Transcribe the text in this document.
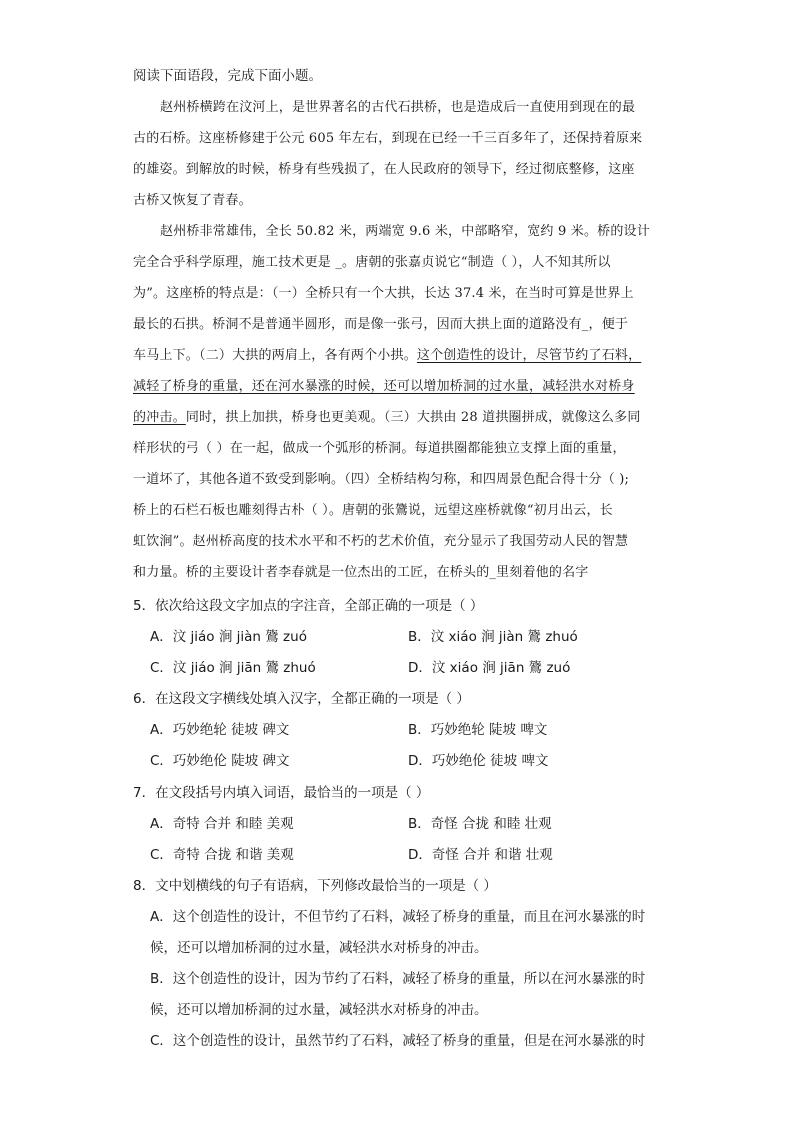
阅读下面语段，完成下面小题。
赵州桥横跨在汶河上，是世界著名的古代石拱桥，也是造成后一直使用到现在的最
古的石桥。这座桥修建于公元 605 年左右，到现在已经一千三百多年了，还保持着原来
的雄姿。到解放的时候，桥身有些残损了，在人民政府的领导下，经过彻底整修，这座
古桥又恢复了青春。
赵州桥非常雄伟，全长 50.82 米，两端宽 9.6 米，中部略窄，宽约 9 米。桥的设计
完全合乎科学原理，施工技术更是 _。唐朝的张嘉贞说它“制造（ ），人不知其所以
为”。这座桥的特点是：（一）全桥只有一个大拱，长达 37.4 米，在当时可算是世界上
最长的石拱。桥洞不是普通半圆形，而是像一张弓，因而大拱上面的道路没有_，便于
车马上下。（二）大拱的两肩上，各有两个小拱。这个创造性的设计，尽管节约了石料，
减轻了桥身的重量，还在河水暴涨的时候，还可以增加桥洞的过水量，减轻洪水对桥身
的冲击。同时，拱上加拱，桥身也更美观。（三）大拱由 28 道拱圈拼成，就像这么多同
样形状的弓（ ）在一起，做成一个弧形的桥洞。每道拱圈都能独立支撑上面的重量，
一道坏了，其他各道不致受到影响。（四）全桥结构匀称，和四周景色配合得十分（ );
桥上的石栏石板也雕刻得古朴（ ）。唐朝的张鷟说，远望这座桥就像“初月出云，长
虹饮涧”。赵州桥高度的技术水平和不朽的艺术价值，充分显示了我国劳动人民的智慧
和力量。桥的主要设计者李春就是一位杰出的工匠，在桥头的_里刻着他的名字
5．依次给这段文字加点的字注音，全部正确的一项是（ ）
A．汶 jiáo 涧 jiàn 鷟 zuó	B．汶 xiáo 涧 jiàn 鷟 zhuó
C．汶 jiáo 涧 jiān 鷟 zhuó	D．汶 xiáo 涧 jiān 鷟 zuó
6．在这段文字横线处填入汉字，全都正确的一项是（ ）
A．巧妙绝轮 徒坡 碑文	B．巧妙绝轮 陡坡 啤文
C．巧妙绝伦 陡坡 碑文	D．巧妙绝伦 徒坡 啤文
7．在文段括号内填入词语，最恰当的一项是（ ）
A．奇特 合并 和睦 美观	B．奇怪 合拢 和睦 壮观
C．奇特 合拢 和谐 美观	D．奇怪 合并 和谐 壮观
8．文中划横线的句子有语病，下列修改最恰当的一项是（ ）
A．这个创造性的设计，不但节约了石料，减轻了桥身的重量，而且在河水暴涨的时
候，还可以增加桥洞的过水量，减轻洪水对桥身的冲击。
B．这个创造性的设计，因为节约了石料，减轻了桥身的重量，所以在河水暴涨的时
候，还可以增加桥洞的过水量，减轻洪水对桥身的冲击。
C．这个创造性的设计，虽然节约了石料，减轻了桥身的重量，但是在河水暴涨的时
